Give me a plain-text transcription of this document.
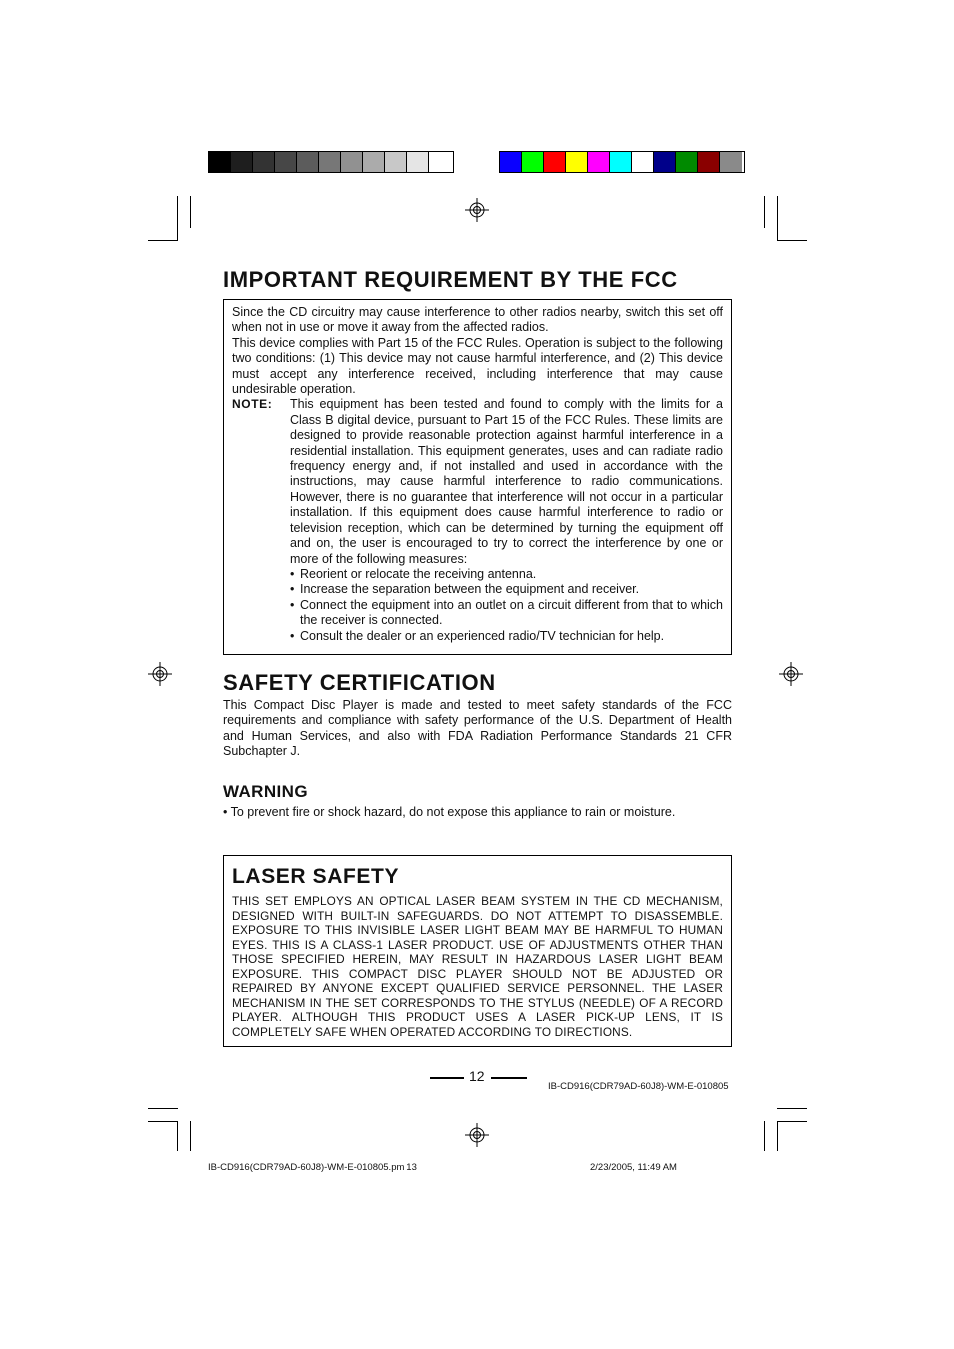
IMPORTANT REQUIREMENT BY THE FCC

Since the CD circuitry may cause interference to other radios nearby, switch this set off when not in use or move it away from the affected radios.

This device complies with Part 15 of the FCC Rules. Operation is subject to the following two conditions: (1) This device may not cause harmful interference, and (2) This device must accept any interference received, including interference that may cause undesirable operation.

NOTE:	This equipment has been tested and found to comply with the limits for a Class B digital device, pursuant to Part 15 of the FCC Rules. These limits are designed to provide reasonable protection against harmful interference in a residential installation. This equipment generates, uses and can radiate radio frequency energy and, if not installed and used in accordance with the instructions, may cause harmful interference to radio communications. However, there is no guarantee that interference will not occur in a particular installation. If this equipment does cause harmful interference to radio or television reception, which can be determined by turning the equipment off and on, the user is encouraged to try to correct the interference by one or more of the following measures:

• Reorient or relocate the receiving antenna.
• Increase the separation between the equipment and receiver.
• Connect the equipment into an outlet on a circuit different from that to which the receiver is connected.
• Consult the dealer or an experienced radio/TV technician for help.
SAFETY CERTIFICATION

This Compact Disc Player is made and tested to meet safety standards of the FCC requirements and compliance with safety performance of the U.S. Department of Health and Human Services, and also with FDA Radiation Performance Standards 21 CFR Subchapter J.

WARNING

• To prevent fire or shock hazard, do not expose this appliance to rain or moisture.

LASER SAFETY

THIS SET EMPLOYS AN OPTICAL LASER BEAM SYSTEM IN THE CD MECHANISM, DESIGNED WITH BUILT-IN SAFEGUARDS. DO NOT ATTEMPT TO DISASSEMBLE. EXPOSURE TO THIS INVISIBLE LASER LIGHT BEAM MAY BE HARMFUL TO HUMAN EYES. THIS IS A CLASS-1 LASER PRODUCT. USE OF ADJUSTMENTS OTHER THAN THOSE SPECIFIED HEREIN, MAY RESULT IN HAZARDOUS LASER LIGHT BEAM EXPOSURE. THIS COMPACT DISC PLAYER SHOULD NOT BE ADJUSTED OR REPAIRED BY ANYONE EXCEPT QUALIFIED SERVICE PERSONNEL. THE LASER MECHANISM IN THE SET CORRESPONDS TO THE STYLUS (NEEDLE) OF A RECORD PLAYER. ALTHOUGH THIS PRODUCT USES A LASER PICK-UP LENS, IT IS COMPLETELY SAFE WHEN OPERATED ACCORDING TO DIRECTIONS.

12
IB-CD916(CDR79AD-60J8)-WM-E-010805
IB-CD916(CDR79AD-60J8)-WM-E-010805.pm 13	2/23/2005, 11:49 AM
